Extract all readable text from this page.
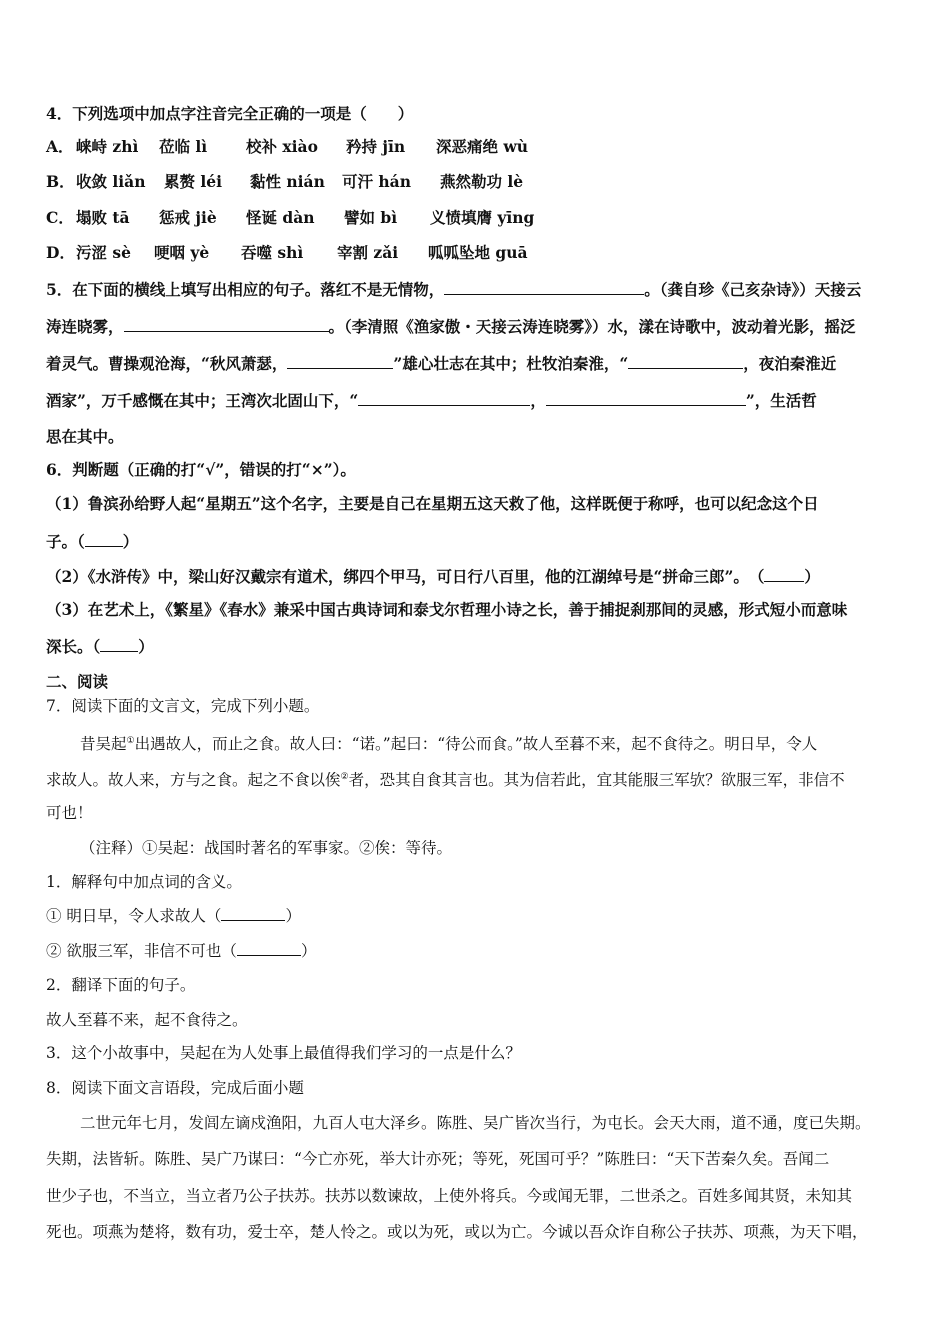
4．下列选项中加点字注音完全正确的一项是（　　）
A． 崃峙 zhì 莅临 lì	校补 xiào 矜持 jīn 深恶痛绝 wù
B． 收敛 liǎn 累赘 léi 黏性 nián 可汗 hán 燕然勒功 lè
C． 塌败 tā 惩戒 jiè 怪诞 dàn 譬如 bì 义愤填膺 yīng
D． 污涩 sè 哽咽 yè 吞噬 shì 宰割 zǎi 呱呱坠地 guā
5．在下面的横线上填写出相应的句子。落红不是无情物，	。（龚自珍《己亥杂诗》）天接云
涛连晓雾，	。（李清照《渔家傲・天接云涛连晓雾》）水，漾在诗歌中，波动着光影，摇泛
着灵气。曹操观沧海，“秋风萧瑟，	”雄心壮志在其中；杜牧泊秦淮，“	，夜泊秦淮近
酒家”，万千感慨在其中；王湾次北固山下，“	，	”，生活哲
思在其中。
6．判断题（正确的打“√”，错误的打“×”）。
（1）鲁滨孙给野人起“星期五”这个名字，主要是自己在星期五这天救了他，这样既便于称呼，也可以纪念这个日
子。（ ）
（2）《水浒传》中，梁山好汉戴宗有道术，绑四个甲马，可日行八百里，他的江湖绰号是“拼命三郎”。　（	）
（3）在艺术上，《繁星》《春水》兼采中国古典诗词和泰戈尔哲理小诗之长，善于捕捉刹那间的灵感，形式短小而意味
深长。（ ）
二、阅读
7．阅读下面的文言文，完成下列小题。
昔吴起①出遇故人，而止之食。故人曰：“诺。”起曰：“待公而食。”故人至暮不来，起不食待之。明日早，令人
求故人。故人来，方与之食。起之不食以俟②者，恐其自食其言也。其为信若此，宜其能服三军欤？欲服三军，非信不
可也！
（注释）①吴起：战国时著名的军事家。②俟：等待。
1．解释句中加点词的含义。
① 明日早，令人求故人（	）
② 欲服三军，非信不可也（	）
2．翻译下面的句子。
故人至暮不来，起不食待之。
3．这个小故事中，吴起在为人处事上最值得我们学习的一点是什么？
8．阅读下面文言语段，完成后面小题
二世元年七月，发闾左谪戍渔阳，九百人屯大泽乡。陈胜、吴广皆次当行，为屯长。会天大雨，道不通，度已失期。
失期，法皆斩。陈胜、吴广乃谋曰：“今亡亦死，举大计亦死；等死，死国可乎？”陈胜曰：“天下苦秦久矣。吾闻二
世少子也，不当立，当立者乃公子扶苏。扶苏以数谏故，上使外将兵。今或闻无罪，二世杀之。百姓多闻其贤，未知其
死也。项燕为楚将，数有功，爱士卒，楚人怜之。或以为死，或以为亡。今诚以吾众诈自称公子扶苏、项燕，为天下唱，
